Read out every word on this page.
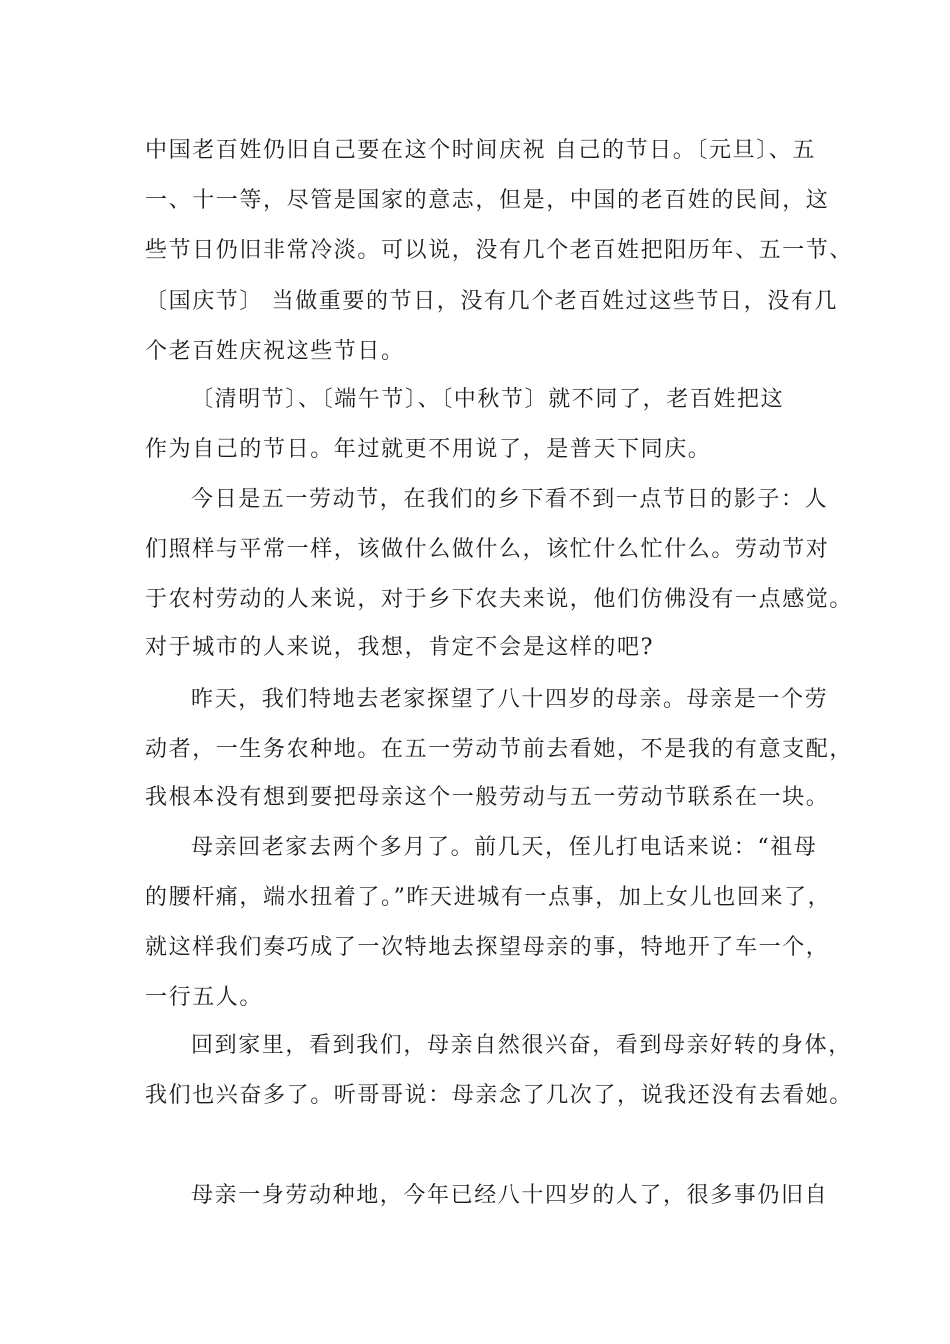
中国老百姓仍旧自己要在这个时间庆祝 自己的节日。〔元旦〕、五
一、十一等，尽管是国家的意志，但是，中国的老百姓的民间，这
些节日仍旧非常冷淡。可以说，没有几个老百姓把阳历年、五一节、
〔国庆节〕 当做重要的节日，没有几个老百姓过这些节日，没有几
个老百姓庆祝这些节日。
〔清明节〕、〔端午节〕、〔中秋节〕就不同了，老百姓把这
作为自己的节日。年过就更不用说了，是普天下同庆。
今日是五一劳动节，在我们的乡下看不到一点节日的影子：人
们照样与平常一样，该做什么做什么，该忙什么忙什么。劳动节对
于农村劳动的人来说，对于乡下农夫来说，他们仿佛没有一点感觉。
对于城市的人来说，我想，肯定不会是这样的吧?
昨天，我们特地去老家探望了八十四岁的母亲。母亲是一个劳
动者，一生务农种地。在五一劳动节前去看她，不是我的有意支配，
我根本没有想到要把母亲这个一般劳动与五一劳动节联系在一块。
母亲回老家去两个多月了。前几天，侄儿打电话来说：“祖母
的腰杆痛，端水扭着了。”昨天进城有一点事，加上女儿也回来了，
就这样我们奏巧成了一次特地去探望母亲的事，特地开了车一个，
一行五人。
回到家里，看到我们，母亲自然很兴奋，看到母亲好转的身体，
我们也兴奋多了。听哥哥说：母亲念了几次了，说我还没有去看她。
母亲一身劳动种地，今年已经八十四岁的人了，很多事仍旧自
